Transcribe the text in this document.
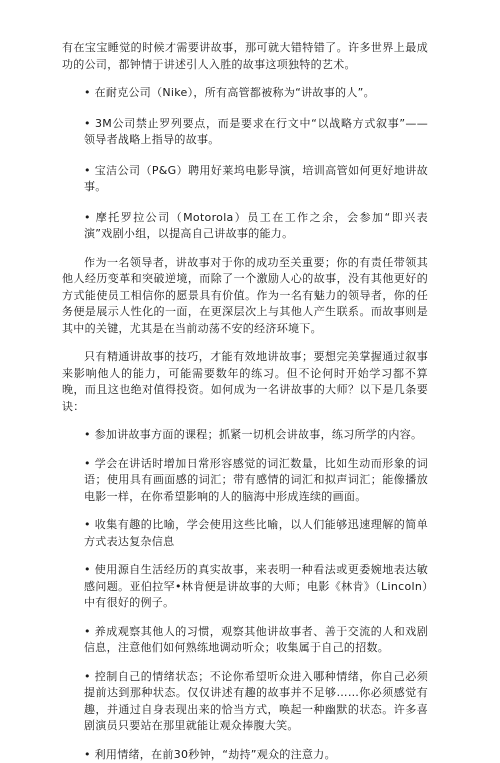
有在宝宝睡觉的时候才需要讲故事，那可就大错特错了。许多世界上最成功的公司，都钟情于讲述引人入胜的故事这项独特的艺术。

• 在耐克公司（Nike），所有高管都被称为“讲故事的人”。

• 3M公司禁止罗列要点，而是要求在行文中“以战略方式叙事”——领导者战略上指导的故事。

• 宝洁公司（P&G）聘用好莱坞电影导演，培训高管如何更好地讲故事。

• 摩托罗拉公司（Motorola）员工在工作之余，会参加“即兴表演”戏剧小组，以提高自己讲故事的能力。

作为一名领导者，讲故事对于你的成功至关重要；你的有责任带领其他人经历变革和突破逆境，而除了一个激励人心的故事，没有其他更好的方式能使员工相信你的愿景具有价值。作为一名有魅力的领导者，你的任务便是展示人性化的一面，在更深层次上与其他人产生联系。而故事则是其中的关键，尤其是在当前动荡不安的经济环境下。

只有精通讲故事的技巧，才能有效地讲故事；要想完美掌握通过叙事来影响他人的能力，可能需要数年的练习。但不论何时开始学习都不算晚，而且这也绝对值得投资。如何成为一名讲故事的大师？以下是几条要诀：

• 参加讲故事方面的课程；抓紧一切机会讲故事，练习所学的内容。

• 学会在讲话时增加日常形容感觉的词汇数量，比如生动而形象的词语；使用具有画面感的词汇；带有感情的词汇和拟声词汇；能像播放电影一样，在你希望影响的人的脑海中形成连续的画面。

• 收集有趣的比喻，学会使用这些比喻，以人们能够迅速理解的简单方式表达复杂信息

• 使用源自生活经历的真实故事，来表明一种看法或更委婉地表达敏感问题。亚伯拉罕•林肯便是讲故事的大师；电影《林肯》（Lincoln）中有很好的例子。

• 养成观察其他人的习惯，观察其他讲故事者、善于交流的人和戏剧信息，注意他们如何熟练地调动听众；收集属于自己的招数。

• 控制自己的情绪状态；不论你希望听众进入哪种情绪，你自己必须提前达到那种状态。仅仅讲述有趣的故事并不足够……你必须感觉有趣，并通过自身表现出来的恰当方式，唤起一种幽默的状态。许多喜剧演员只要站在那里就能让观众捧腹大笑。

• 利用情绪，在前30秒钟，“劫持”观众的注意力。
